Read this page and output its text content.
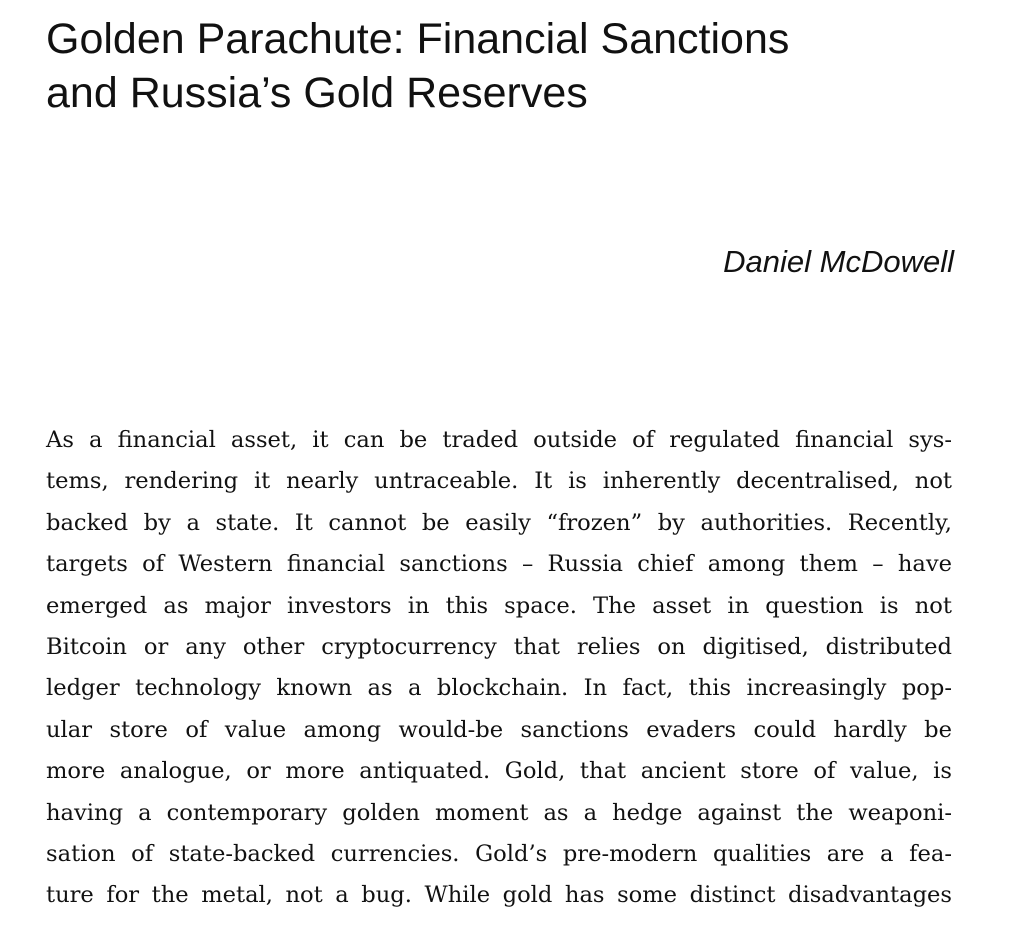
Golden Parachute: Financial Sanctions
and Russia’s Gold Reserves

Daniel McDowell

As a financial asset, it can be traded outside of regulated financial sys-
tems, rendering it nearly untraceable. It is inherently decentralised, not
backed by a state. It cannot be easily “frozen” by authorities. Recently,
targets of Western financial sanctions – Russia chief among them – have
emerged as major investors in this space. The asset in question is not
Bitcoin or any other cryptocurrency that relies on digitised, distributed
ledger technology known as a blockchain. In fact, this increasingly pop-
ular store of value among would-be sanctions evaders could hardly be
more analogue, or more antiquated. Gold, that ancient store of value, is
having a contemporary golden moment as a hedge against the weaponi-
sation of state-backed currencies. Gold’s pre-modern qualities are a fea-
ture for the metal, not a bug. While gold has some distinct disadvantages
